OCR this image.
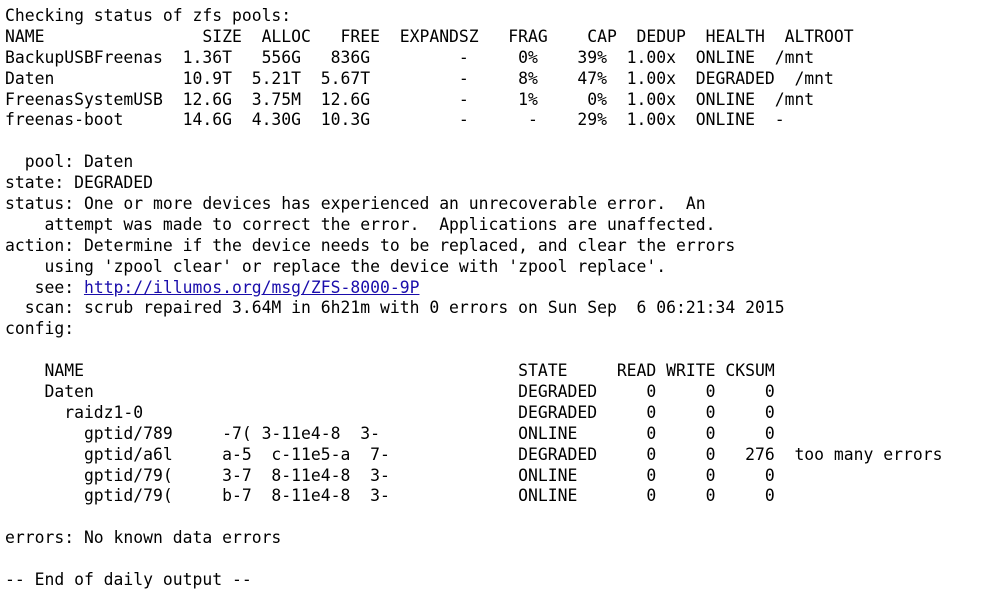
Checking status of zfs pools:
NAME                SIZE  ALLOC   FREE  EXPANDSZ   FRAG    CAP  DEDUP  HEALTH  ALTROOT
BackupUSBFreenas  1.36T   556G   836G         -     0%    39%  1.00x  ONLINE  /mnt
Daten             10.9T  5.21T  5.67T         -     8%    47%  1.00x  DEGRADED  /mnt
FreenasSystemUSB  12.6G  3.75M  12.6G         -     1%     0%  1.00x  ONLINE  /mnt
freenas-boot      14.6G  4.30G  10.3G         -      -    29%  1.00x  ONLINE  -
pool: Daten
state: DEGRADED
status: One or more devices has experienced an unrecoverable error.  An
attempt was made to correct the error.  Applications are unaffected.
action: Determine if the device needs to be replaced, and clear the errors
using 'zpool clear' or replace the device with 'zpool replace'.
see: http://illumos.org/msg/ZFS-8000-9P
scan: scrub repaired 3.64M in 6h21m with 0 errors on Sun Sep  6 06:21:34 2015
config:
NAME                                            STATE     READ WRITE CKSUM
Daten                                           DEGRADED     0     0     0
raidz1-0                                      DEGRADED     0     0     0
gptid/789     ‑7( 3-11e4-8  3-              ONLINE       0     0     0
gptid/a6l     a-5  c-11e5-a  7-             DEGRADED     0     0   276  too many errors
gptid/79(     3-7  8-11e4-8  3-             ONLINE       0     0     0
gptid/79(     b-7  8-11e4-8  3-             ONLINE       0     0     0
errors: No known data errors
-- End of daily output --
